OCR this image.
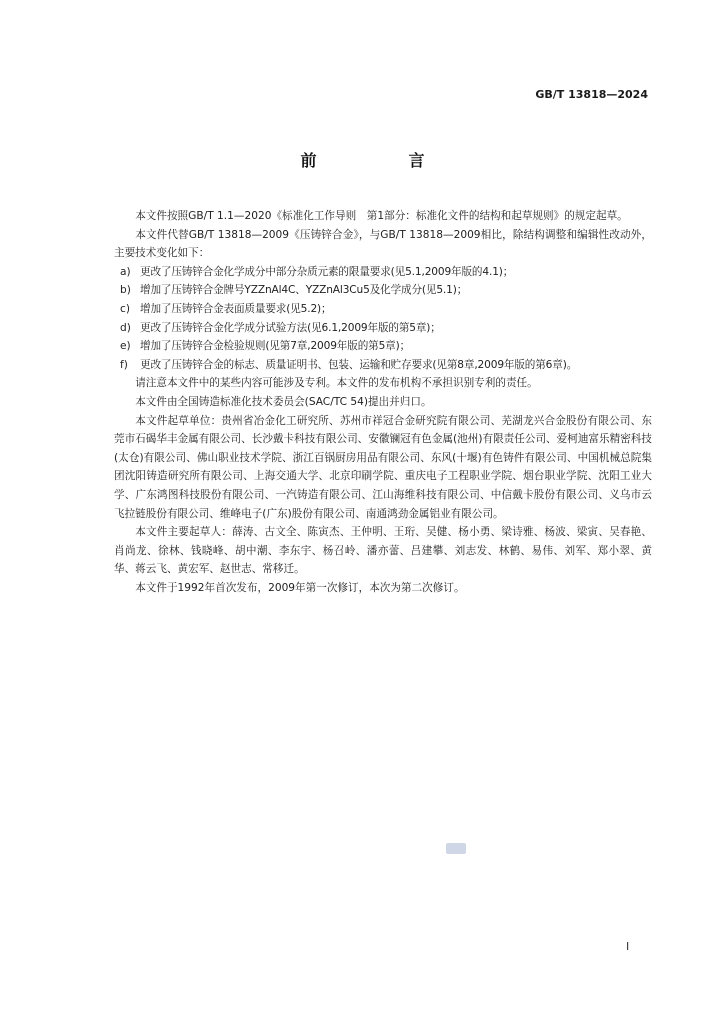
GB/T 13818—2024
前　言

本文件按照GB/T 1.1—2020《标准化工作导则　第1部分：标准化文件的结构和起草规则》的规定起草。

本文件代替GB/T 13818—2009《压铸锌合金》，与GB/T 13818—2009相比，除结构调整和编辑性改动外，主要技术变化如下：

a) 更改了压铸锌合金化学成分中部分杂质元素的限量要求(见5.1,2009年版的4.1)；
b) 增加了压铸锌合金牌号YZZnAl4C、YZZnAl3Cu5及化学成分(见5.1)；
c) 增加了压铸锌合金表面质量要求(见5.2)；
d) 更改了压铸锌合金化学成分试验方法(见6.1,2009年版的第5章)；
e) 增加了压铸锌合金检验规则(见第7章,2009年版的第5章)；
f)	更改了压铸锌合金的标志、质量证明书、包装、运输和贮存要求(见第8章,2009年版的第6章)。

请注意本文件中的某些内容可能涉及专利。本文件的发布机构不承担识别专利的责任。

本文件由全国铸造标准化技术委员会(SAC/TC 54)提出并归口。

本文件起草单位：贵州省冶金化工研究所、苏州市祥冠合金研究院有限公司、芜湖龙兴合金股份有限公司、东莞市石碣华丰金属有限公司、长沙戴卡科技有限公司、安徽镧冠有色金属(池州)有限责任公司、爱柯迪富乐精密科技(太仓)有限公司、佛山职业技术学院、浙江百锅厨房用品有限公司、东风(十堰)有色铸件有限公司、中国机械总院集团沈阳铸造研究所有限公司、上海交通大学、北京印刷学院、重庆电子工程职业学院、烟台职业学院、沈阳工业大学、广东鸿图科技股份有限公司、一汽铸造有限公司、江山海维科技有限公司、中信戴卡股份有限公司、义乌市云飞拉链股份有限公司、维峰电子(广东)股份有限公司、南通鸿劲金属铝业有限公司。

本文件主要起草人：薛涛、古文全、陈寅杰、王仲明、王珩、吴健、杨小勇、梁诗雅、杨波、梁寅、吴春艳、肖尚龙、徐林、钱晓峰、胡中潮、李东宇、杨召岭、潘亦蕾、吕建攀、刘志发、林鹤、易伟、刘军、郑小翠、黄华、蒋云飞、黄宏军、赵世志、常移迁。

本文件于1992年首次发布，2009年第一次修订，本次为第二次修订。

I
